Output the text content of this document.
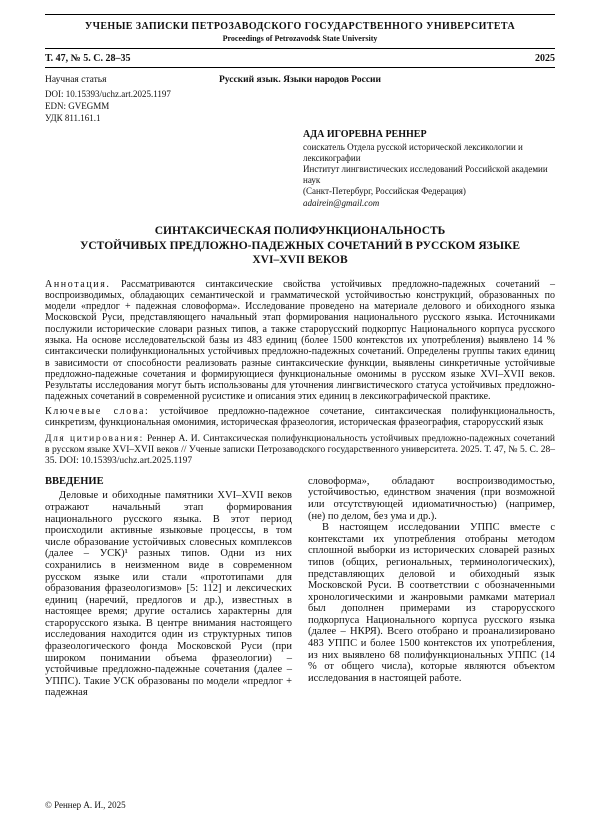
УЧЕНЫЕ ЗАПИСКИ ПЕТРОЗАВОДСКОГО ГОСУДАРСТВЕННОГО УНИВЕРСИТЕТА
Proceedings of Petrozavodsk State University
Т. 47, № 5. С. 28–35	2025
Научная статья	Русский язык. Языки народов России
DOI: 10.15393/uchz.art.2025.1197
EDN: GVEGMM
УДК 811.161.1
АДА ИГОРЕВНА РЕННЕР
соискатель Отдела русской исторической лексикологии и лексикографии
Институт лингвистических исследований Российской академии наук
(Санкт-Петербург, Российская Федерация)
adairein@gmail.com
СИНТАКСИЧЕСКАЯ ПОЛИФУНКЦИОНАЛЬНОСТЬ
УСТОЙЧИВЫХ ПРЕДЛОЖНО-ПАДЕЖНЫХ СОЧЕТАНИЙ В РУССКОМ ЯЗЫКЕ
XVI–XVII ВЕКОВ

Аннотация. Рассматриваются синтаксические свойства устойчивых предложно-падежных сочетаний – воспроизводимых, обладающих семантической и грамматической устойчивостью конструкций, образованных по модели «предлог + падежная словоформа». Исследование проведено на материале делового и обиходного языка Московской Руси, представляющего начальный этап формирования национального русского языка. Источниками послужили исторические словари разных типов, а также старорусский подкорпус Национального корпуса русского языка. На основе исследовательской базы из 483 единиц (более 1500 контекстов их употребления) выявлено 14 % синтаксически полифункциональных устойчивых предложно-падежных сочетаний. Определены группы таких единиц в зависимости от способности реализовать разные синтаксические функции, выявлены синкретичные устойчивые предложно-падежные сочетания и формирующиеся функциональные омонимы в русском языке XVI–XVII веков. Результаты исследования могут быть использованы для уточнения лингвистического статуса устойчивых предложно-падежных сочетаний в современной русистике и описания этих единиц в лексикографической практике.

Ключевые слова: устойчивое предложно-падежное сочетание, синтаксическая полифункциональность, синкретизм, функциональная омонимия, историческая фразеология, историческая фразеография, старорусский язык

Для цитирования: Реннер А. И. Синтаксическая полифункциональность устойчивых предложно-падежных сочетаний в русском языке XVI–XVII веков // Ученые записки Петрозаводского государственного университета. 2025. Т. 47, № 5. С. 28–35. DOI: 10.15393/uchz.art.2025.1197

ВВЕДЕНИЕ

Деловые и обиходные памятники XVI–XVII веков отражают начальный этап формирования национального русского языка. В этот период происходили активные языковые процессы, в том числе образование устойчивых словесных комплексов (далее – УСК)¹ разных типов. Одни из них сохранились в неизменном виде в современном русском языке или стали «прототипами для образования фразеологизмов» [5: 112] и лексических единиц (наречий, предлогов и др.), известных в настоящее время; другие остались характерны для старорусского языка. В центре внимания настоящего исследования находится один из структурных типов фразеологического фонда Московской Руси (при широком понимании объема фразеологии) – устойчивые предложно-падежные сочетания (далее – УППС). Такие УСК образованы по модели «предлог + падежная

словоформа», обладают воспроизводимостью, устойчивостью, единством значения (при возможной или отсутствующей идиоматичностью) (например, (не) по делом, без ума и др.).

В настоящем исследовании УППС вместе с контекстами их употребления отобраны методом сплошной выборки из исторических словарей разных типов (общих, региональных, терминологических), представляющих деловой и обиходный язык Московской Руси. В соответствии с обозначенными хронологическими и жанровыми рамками материал был дополнен примерами из старорусского подкорпуса Национального корпуса русского языка (далее – НКРЯ). Всего отобрано и проанализировано 483 УППС и более 1500 контекстов их употребления, из них выявлено 68 полифункциональных УППС (14 % от общего числа), которые являются объектом исследования в настоящей работе.

© Реннер А. И., 2025
